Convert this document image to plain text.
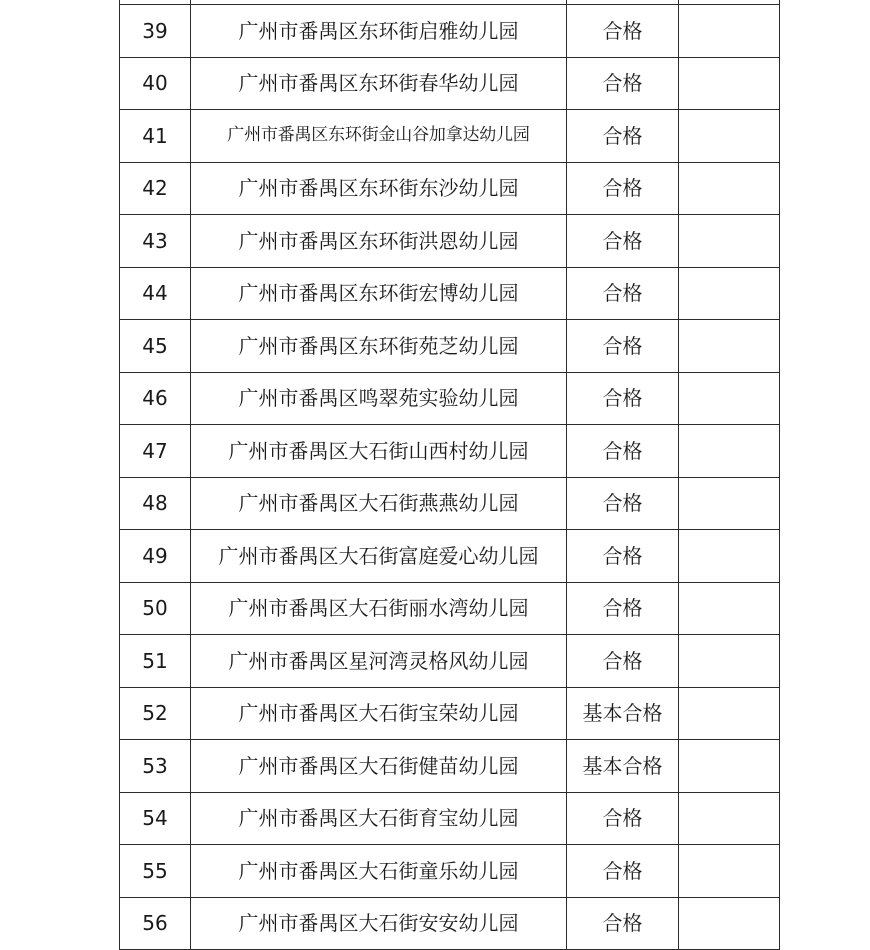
39	广州市番禺区东环街启雅幼儿园	合格	
40	广州市番禺区东环街春华幼儿园	合格	
41	广州市番禺区东环街金山谷加拿达幼儿园	合格	
42	广州市番禺区东环街东沙幼儿园	合格	
43	广州市番禺区东环街洪恩幼儿园	合格	
44	广州市番禺区东环街宏博幼儿园	合格	
45	广州市番禺区东环街苑芝幼儿园	合格	
46	广州市番禺区鸣翠苑实验幼儿园	合格	
47	广州市番禺区大石街山西村幼儿园	合格	
48	广州市番禺区大石街燕燕幼儿园	合格	
49	广州市番禺区大石街富庭爱心幼儿园	合格	
50	广州市番禺区大石街丽水湾幼儿园	合格	
51	广州市番禺区星河湾灵格风幼儿园	合格	
52	广州市番禺区大石街宝荣幼儿园	基本合格	
53	广州市番禺区大石街健苗幼儿园	基本合格	
54	广州市番禺区大石街育宝幼儿园	合格	
55	广州市番禺区大石街童乐幼儿园	合格	
56	广州市番禺区大石街安安幼儿园	合格	
